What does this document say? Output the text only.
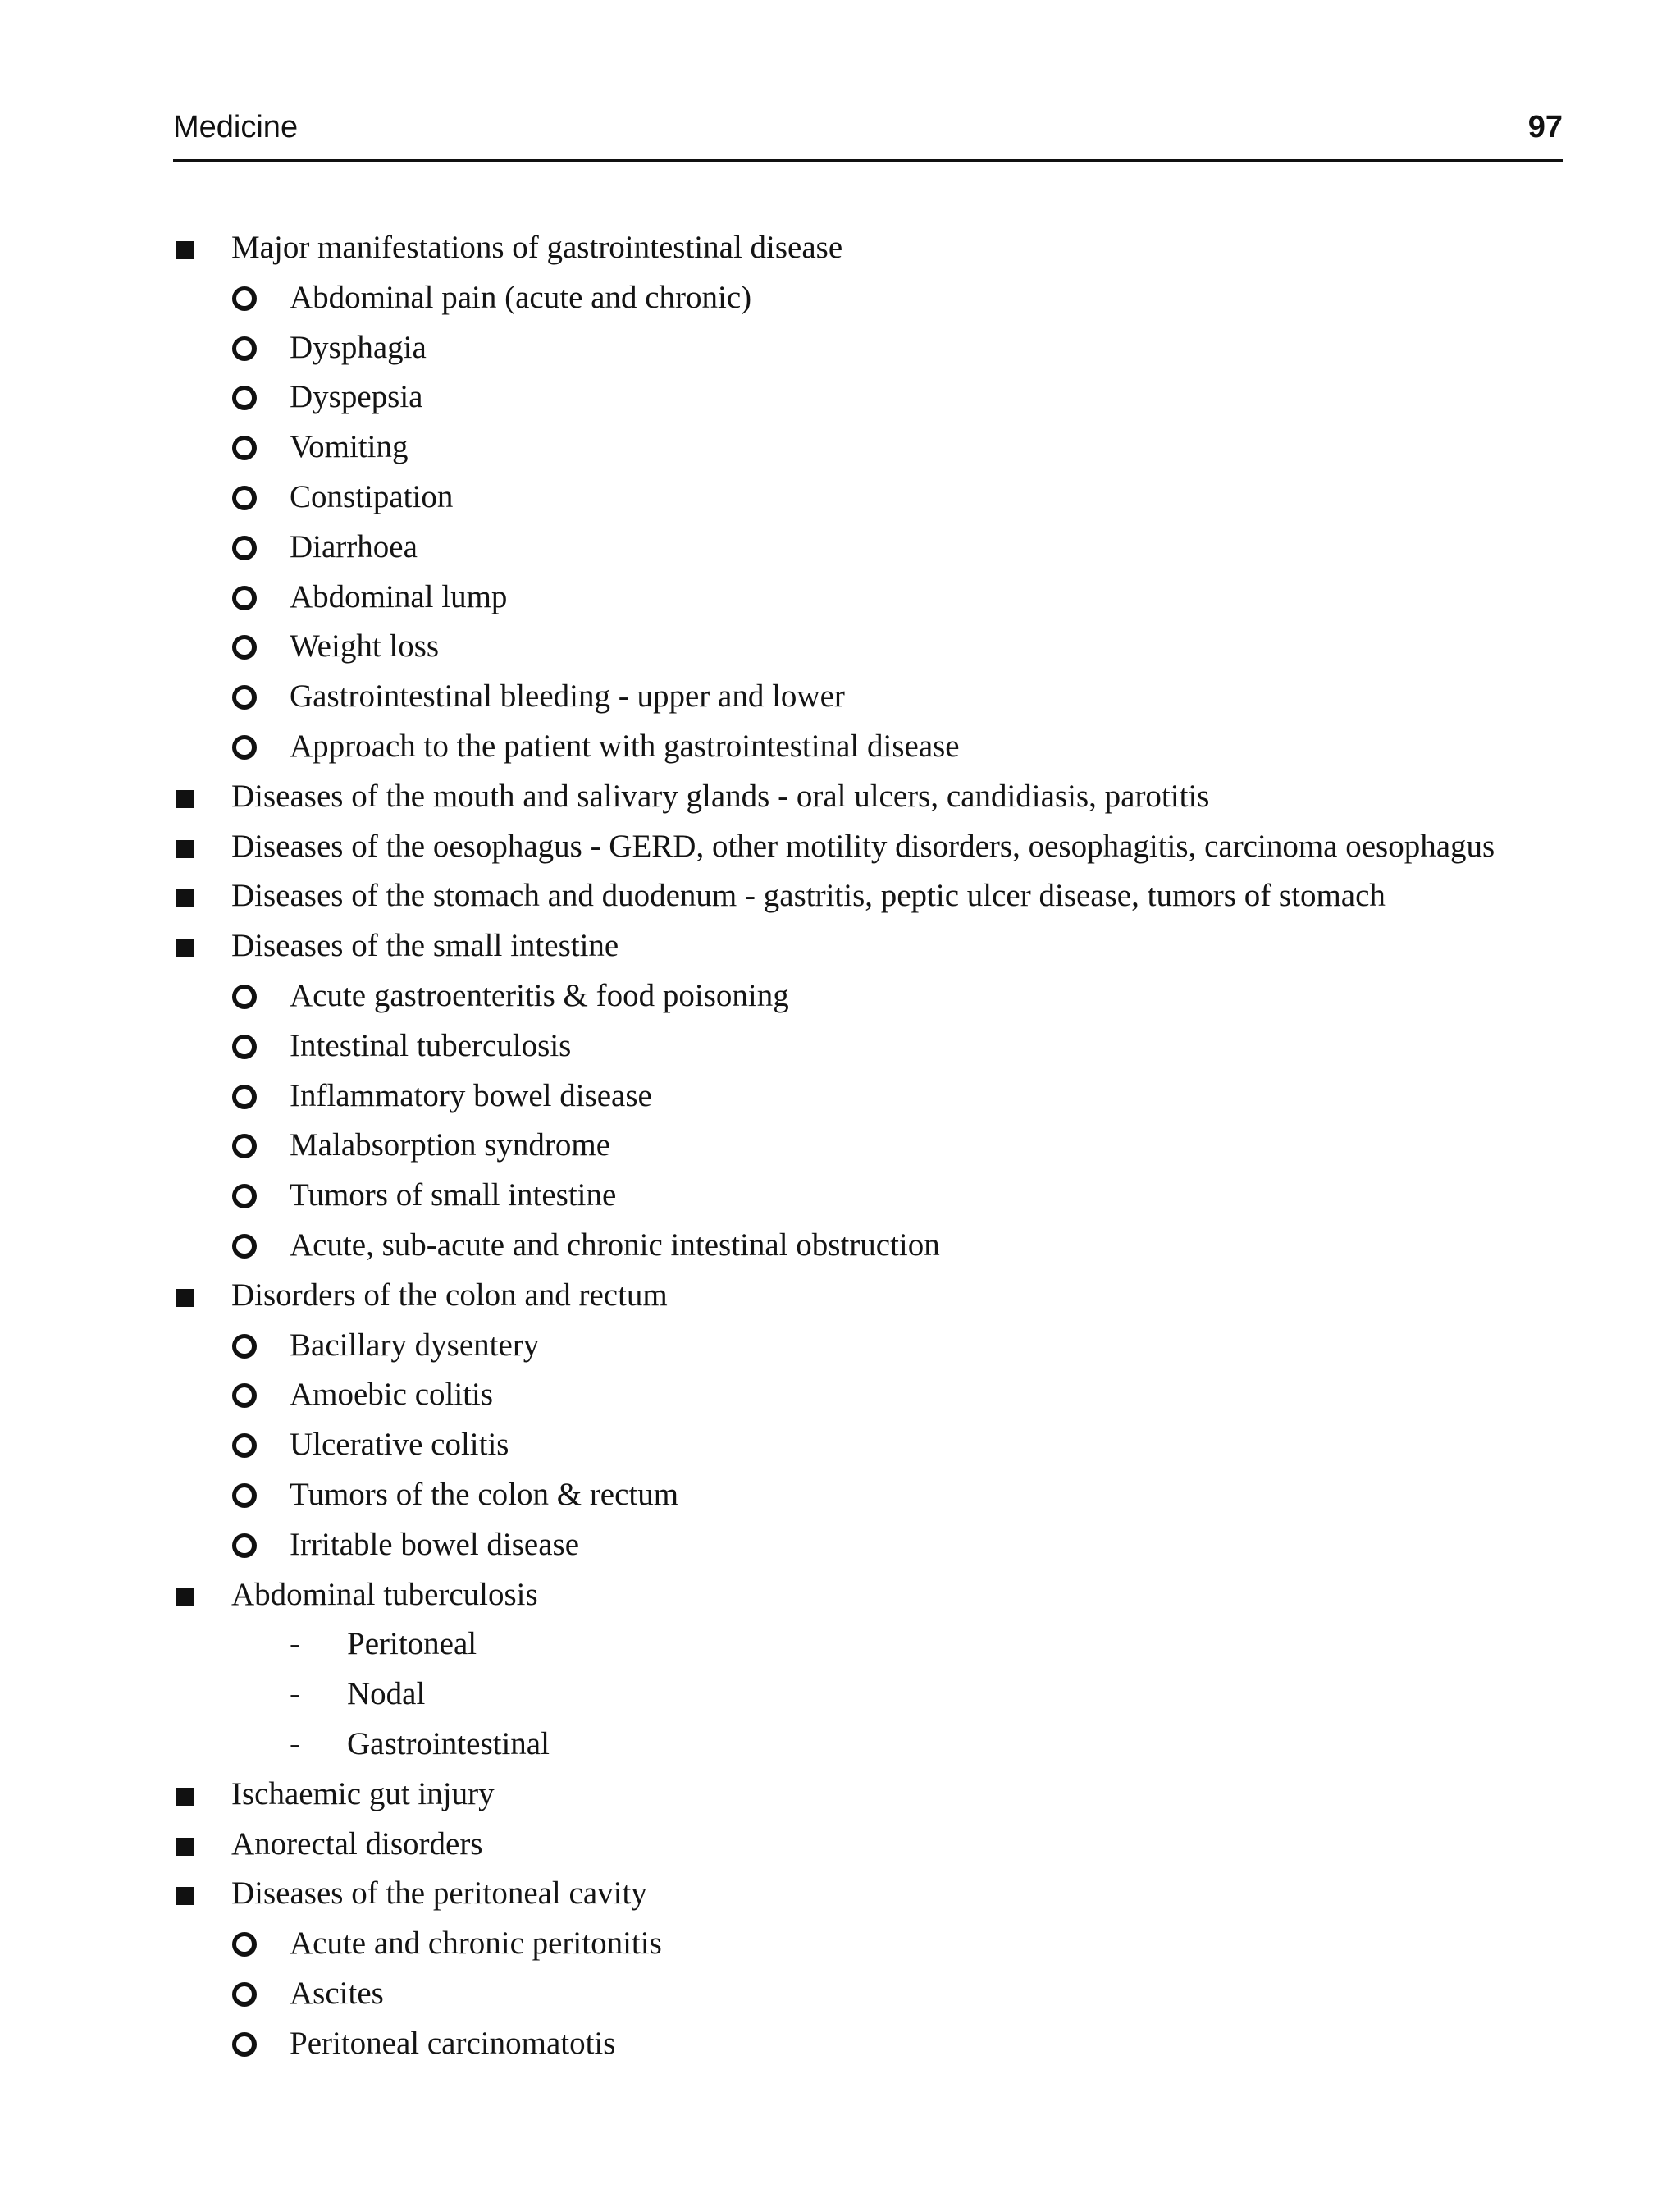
Medicine	97
Major manifestations of gastrointestinal disease
Abdominal pain (acute and chronic)
Dysphagia
Dyspepsia
Vomiting
Constipation
Diarrhoea
Abdominal lump
Weight loss
Gastrointestinal bleeding - upper and lower
Approach to the patient with gastrointestinal disease
Diseases of the mouth and salivary glands - oral ulcers, candidiasis, parotitis
Diseases of the oesophagus - GERD, other motility disorders, oesophagitis, carcinoma oesophagus
Diseases of the stomach and duodenum - gastritis, peptic ulcer disease, tumors of stomach
Diseases of the small intestine
Acute gastroenteritis & food poisoning
Intestinal tuberculosis
Inflammatory bowel disease
Malabsorption syndrome
Tumors of small intestine
Acute, sub-acute and chronic intestinal obstruction
Disorders of the colon and rectum
Bacillary dysentery
Amoebic colitis
Ulcerative colitis
Tumors of the colon & rectum
Irritable bowel disease
Abdominal tuberculosis
- Peritoneal
- Nodal
- Gastrointestinal
Ischaemic gut injury
Anorectal disorders
Diseases of the peritoneal cavity
Acute and chronic peritonitis
Ascites
Peritoneal carcinomatotis
